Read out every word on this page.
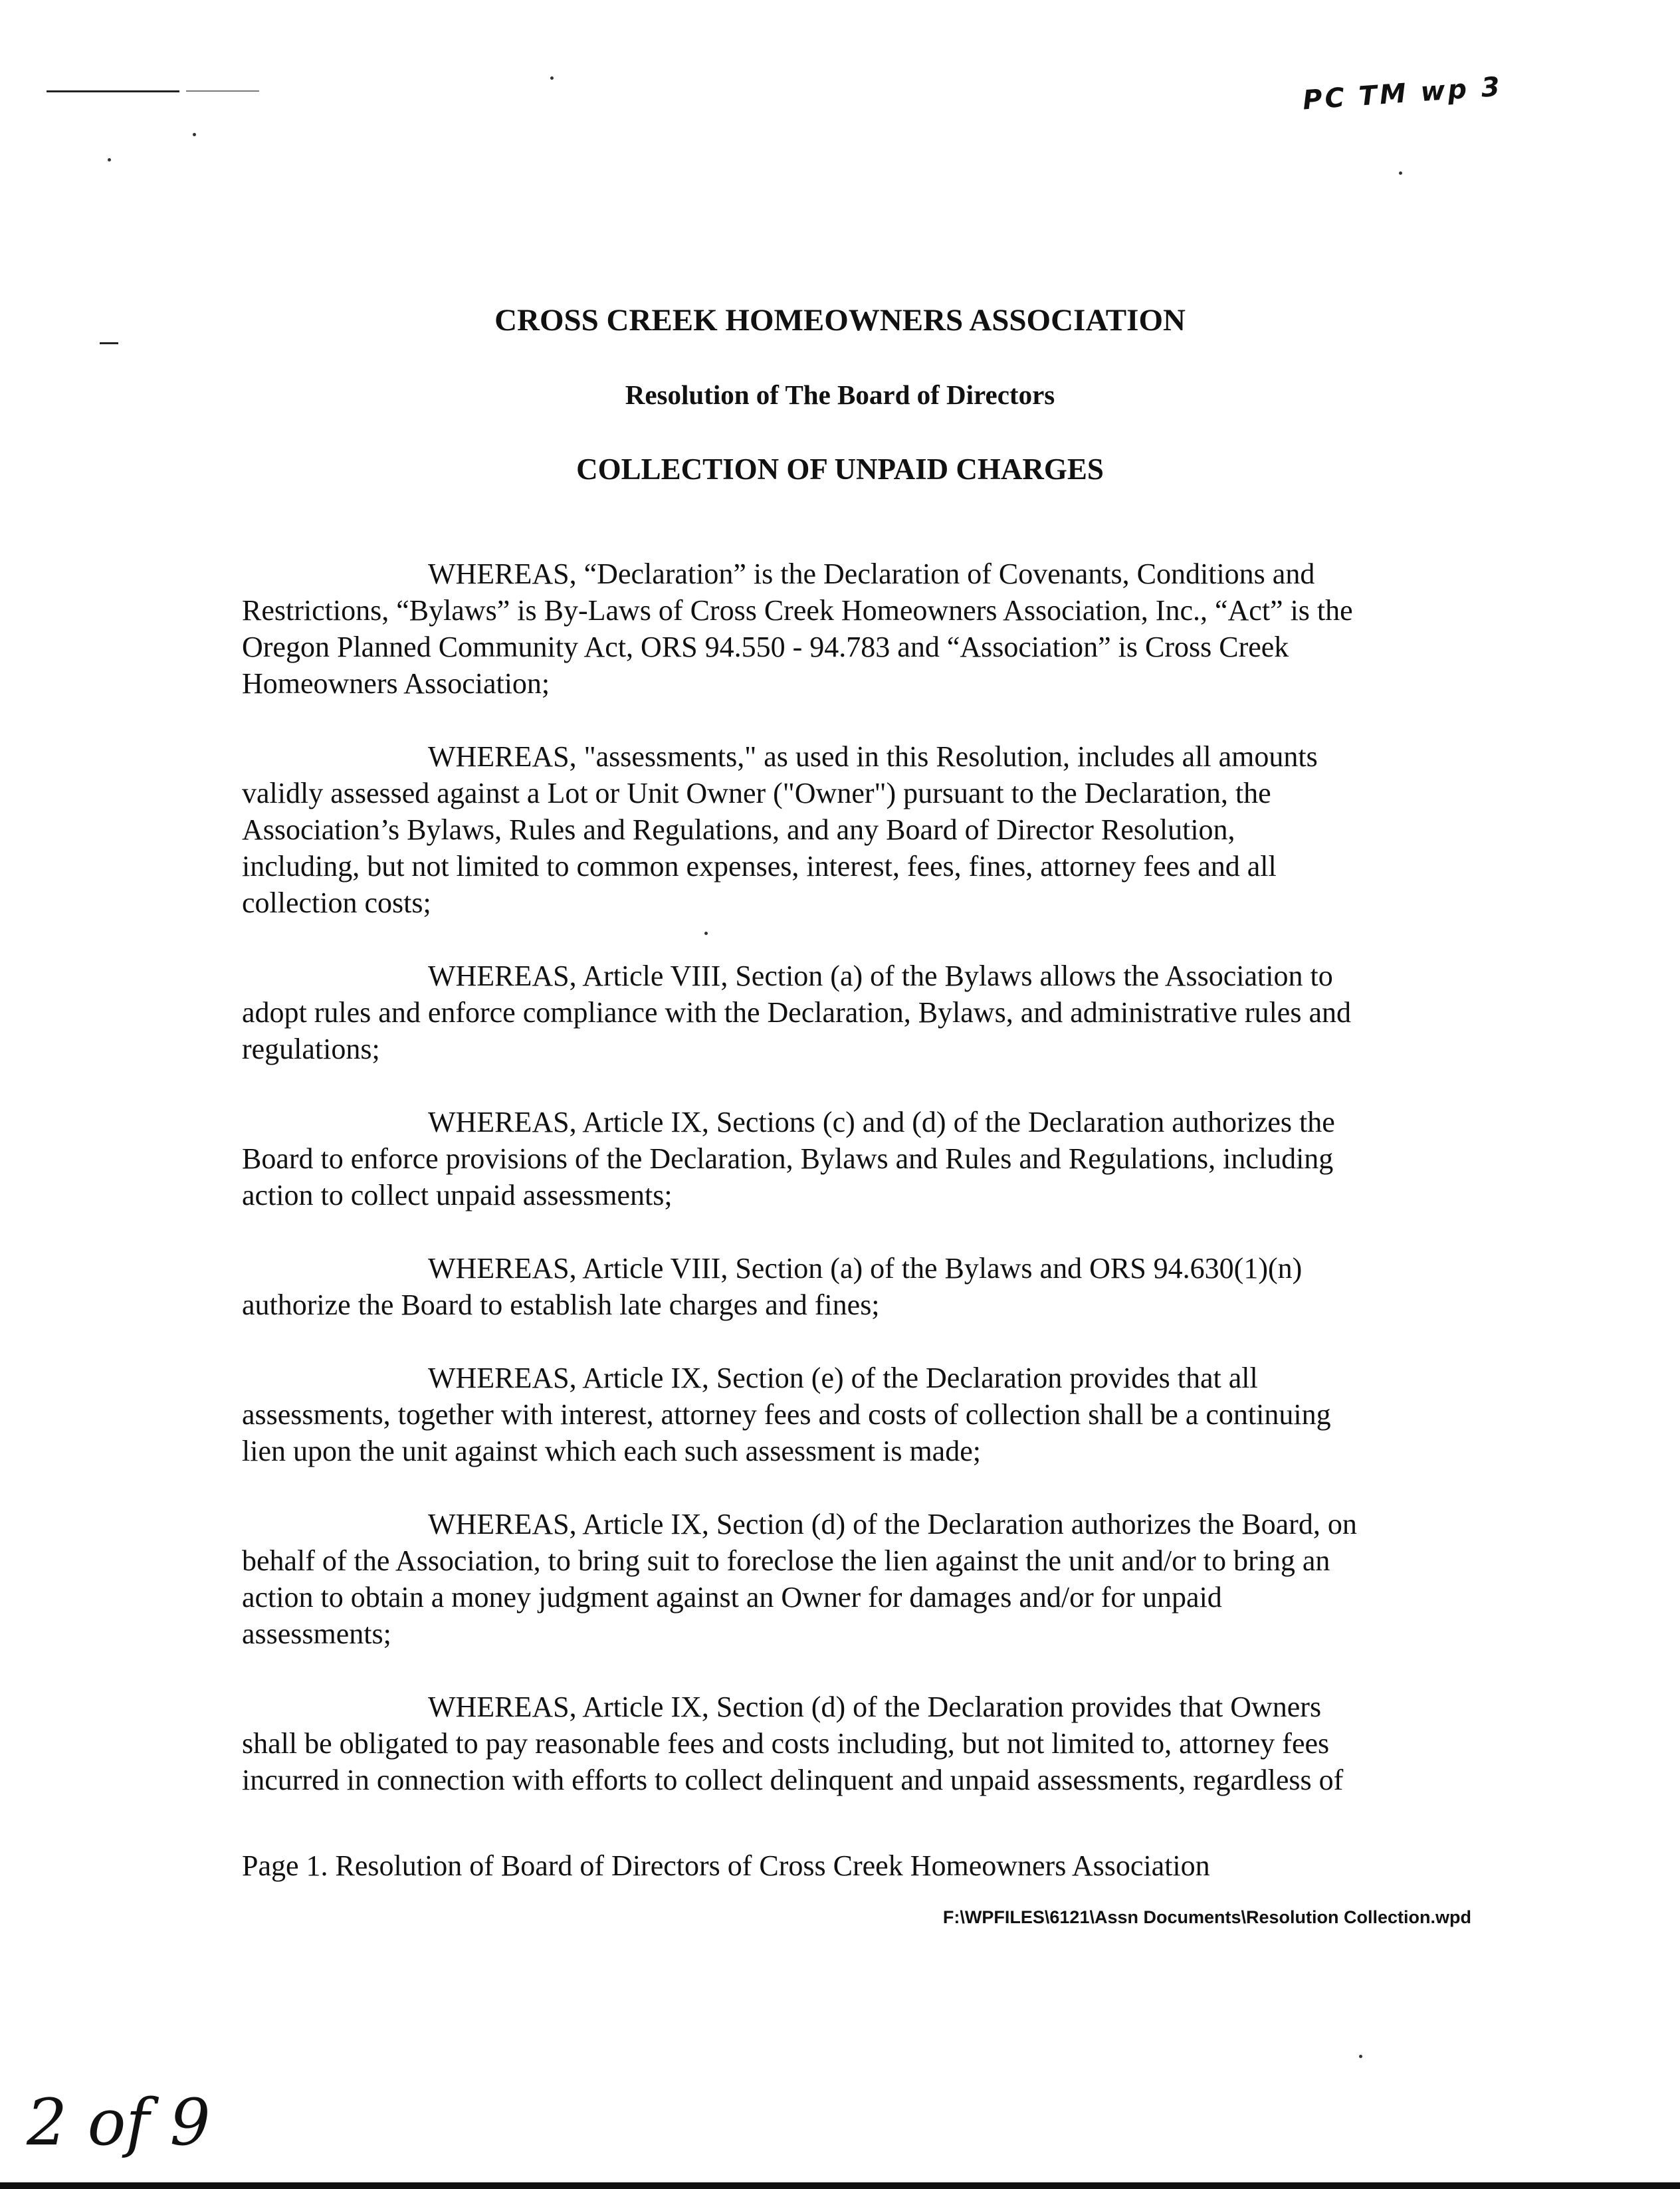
PC TM wp 3
CROSS CREEK HOMEOWNERS ASSOCIATION
Resolution of The Board of Directors
COLLECTION OF UNPAID CHARGES

WHEREAS, “Declaration” is the Declaration of Covenants, Conditions and
Restrictions, “Bylaws” is By-Laws of Cross Creek Homeowners Association, Inc., “Act” is the
Oregon Planned Community Act, ORS 94.550 - 94.783 and “Association” is Cross Creek
Homeowners Association;

WHEREAS, "assessments," as used in this Resolution, includes all amounts
validly assessed against a Lot or Unit Owner ("Owner") pursuant to the Declaration, the
Association’s Bylaws, Rules and Regulations, and any Board of Director Resolution,
including, but not limited to common expenses, interest, fees, fines, attorney fees and all
collection costs;

WHEREAS, Article VIII, Section (a) of the Bylaws allows the Association to
adopt rules and enforce compliance with the Declaration, Bylaws, and administrative rules and
regulations;

WHEREAS, Article IX, Sections (c) and (d) of the Declaration authorizes the
Board to enforce provisions of the Declaration, Bylaws and Rules and Regulations, including
action to collect unpaid assessments;

WHEREAS, Article VIII, Section (a) of the Bylaws and ORS 94.630(1)(n)
authorize the Board to establish late charges and fines;

WHEREAS, Article IX, Section (e) of the Declaration provides that all
assessments, together with interest, attorney fees and costs of collection shall be a continuing
lien upon the unit against which each such assessment is made;

WHEREAS, Article IX, Section (d) of the Declaration authorizes the Board, on
behalf of the Association, to bring suit to foreclose the lien against the unit and/or to bring an
action to obtain a money judgment against an Owner for damages and/or for unpaid
assessments;

WHEREAS, Article IX, Section (d) of the Declaration provides that Owners
shall be obligated to pay reasonable fees and costs including, but not limited to, attorney fees
incurred in connection with efforts to collect delinquent and unpaid assessments, regardless of

Page 1. Resolution of Board of Directors of Cross Creek Homeowners Association
F:\WPFILES\6121\Assn Documents\Resolution Collection.wpd
2 of 9
